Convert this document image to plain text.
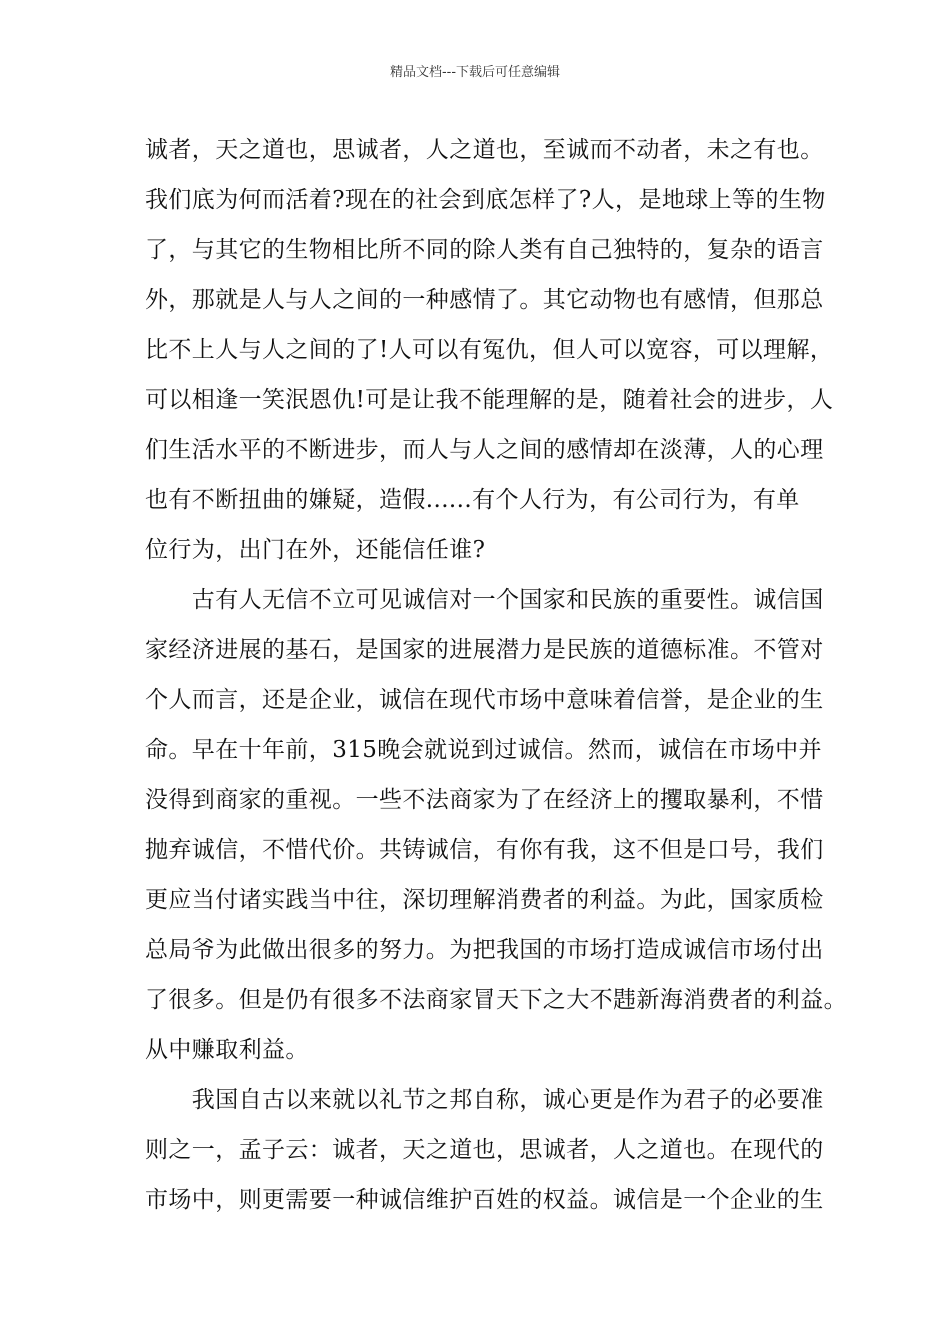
精品文档---下载后可任意编辑
诚者，天之道也，思诚者，人之道也，至诚而不动者，未之有也。
我们底为何而活着?现在的社会到底怎样了?人，是地球上等的生物
了，与其它的生物相比所不同的除人类有自己独特的，复杂的语言
外，那就是人与人之间的一种感情了。其它动物也有感情，但那总
比不上人与人之间的了!人可以有冤仇，但人可以宽容，可以理解，
可以相逢一笑泯恩仇!可是让我不能理解的是，随着社会的进步，人
们生活水平的不断进步，而人与人之间的感情却在淡薄，人的心理
也有不断扭曲的嫌疑，造假......有个人行为，有公司行为，有单
位行为，出门在外，还能信任谁?
　　古有人无信不立可见诚信对一个国家和民族的重要性。诚信国
家经济进展的基石，是国家的进展潜力是民族的道德标准。不管对
个人而言，还是企业，诚信在现代市场中意味着信誉，是企业的生
命。早在十年前，315晚会就说到过诚信。然而，诚信在市场中并
没得到商家的重视。一些不法商家为了在经济上的攫取暴利，不惜
抛弃诚信，不惜代价。共铸诚信，有你有我，这不但是口号，我们
更应当付诸实践当中往，深切理解消费者的利益。为此，国家质检
总局爷为此做出很多的努力。为把我国的市场打造成诚信市场付出
了很多。但是仍有很多不法商家冒天下之大不韪新海消费者的利益。
从中赚取利益。
　　我国自古以来就以礼节之邦自称，诚心更是作为君子的必要准
则之一，孟子云：诚者，天之道也，思诚者，人之道也。在现代的
市场中，则更需要一种诚信维护百姓的权益。诚信是一个企业的生
